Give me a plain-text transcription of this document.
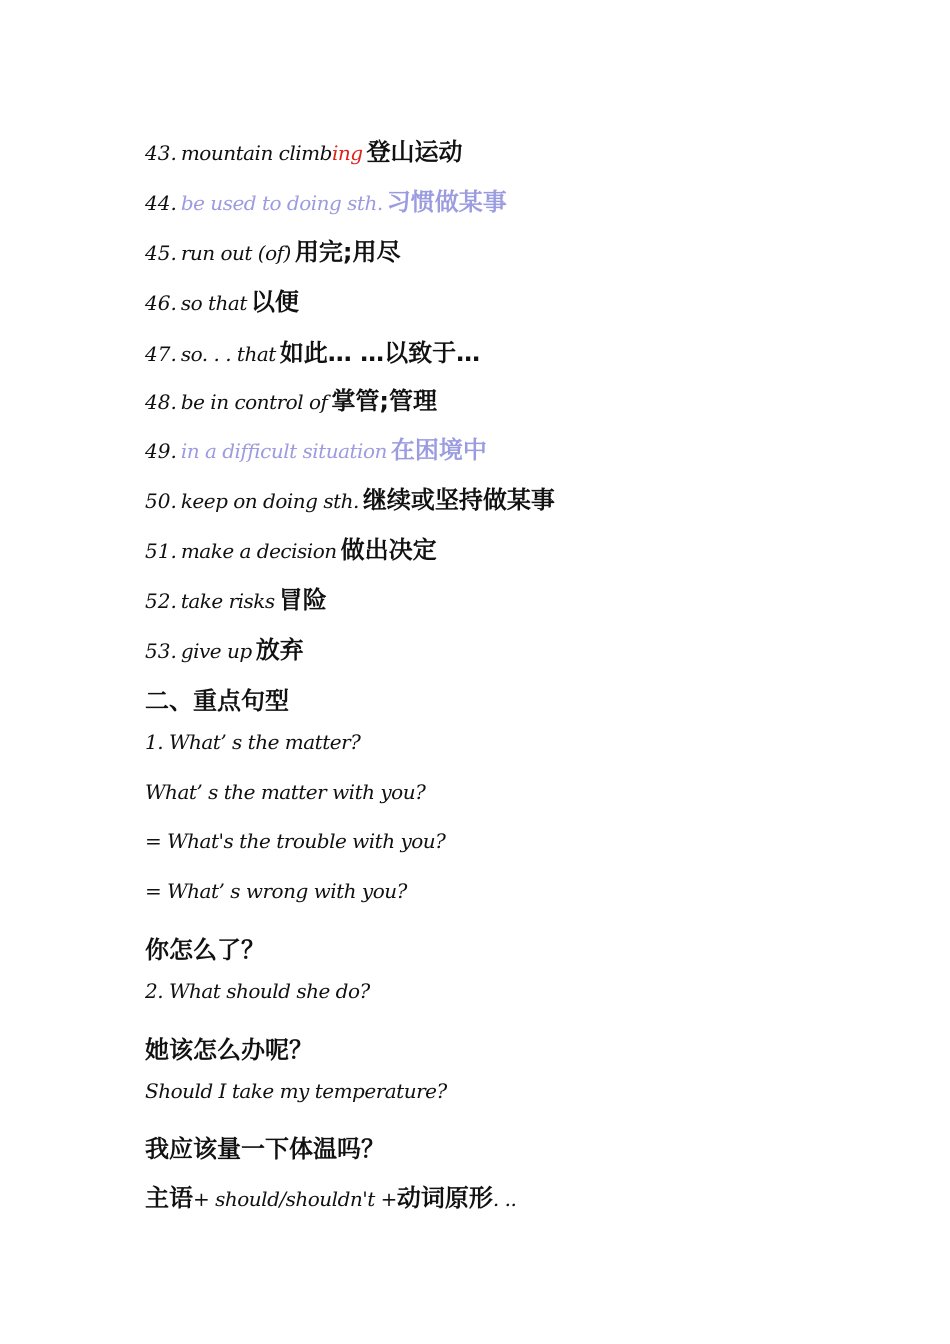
43. mountain climbing 登山运动
44. be used to doing sth. 习惯做某事
45. run out (of) 用完;用尽
46. so that 以便
47. so. . . that 如此… …以致于…
48. be in control of 掌管;管理
49. in a difficult situation 在困境中
50. keep on doing sth. 继续或坚持做某事
51. make a decision 做出决定
52. take risks 冒险
53. give up 放弃
二、重点句型
1. What’ s the matter?
What’ s the matter with you?
= What's the trouble with you?
= What’ s wrong with you?
你怎么了？
2. What should she do?
她该怎么办呢？
Should I take my temperature?
我应该量一下体温吗？
主语+ should/shouldn't +动词原形. ..
